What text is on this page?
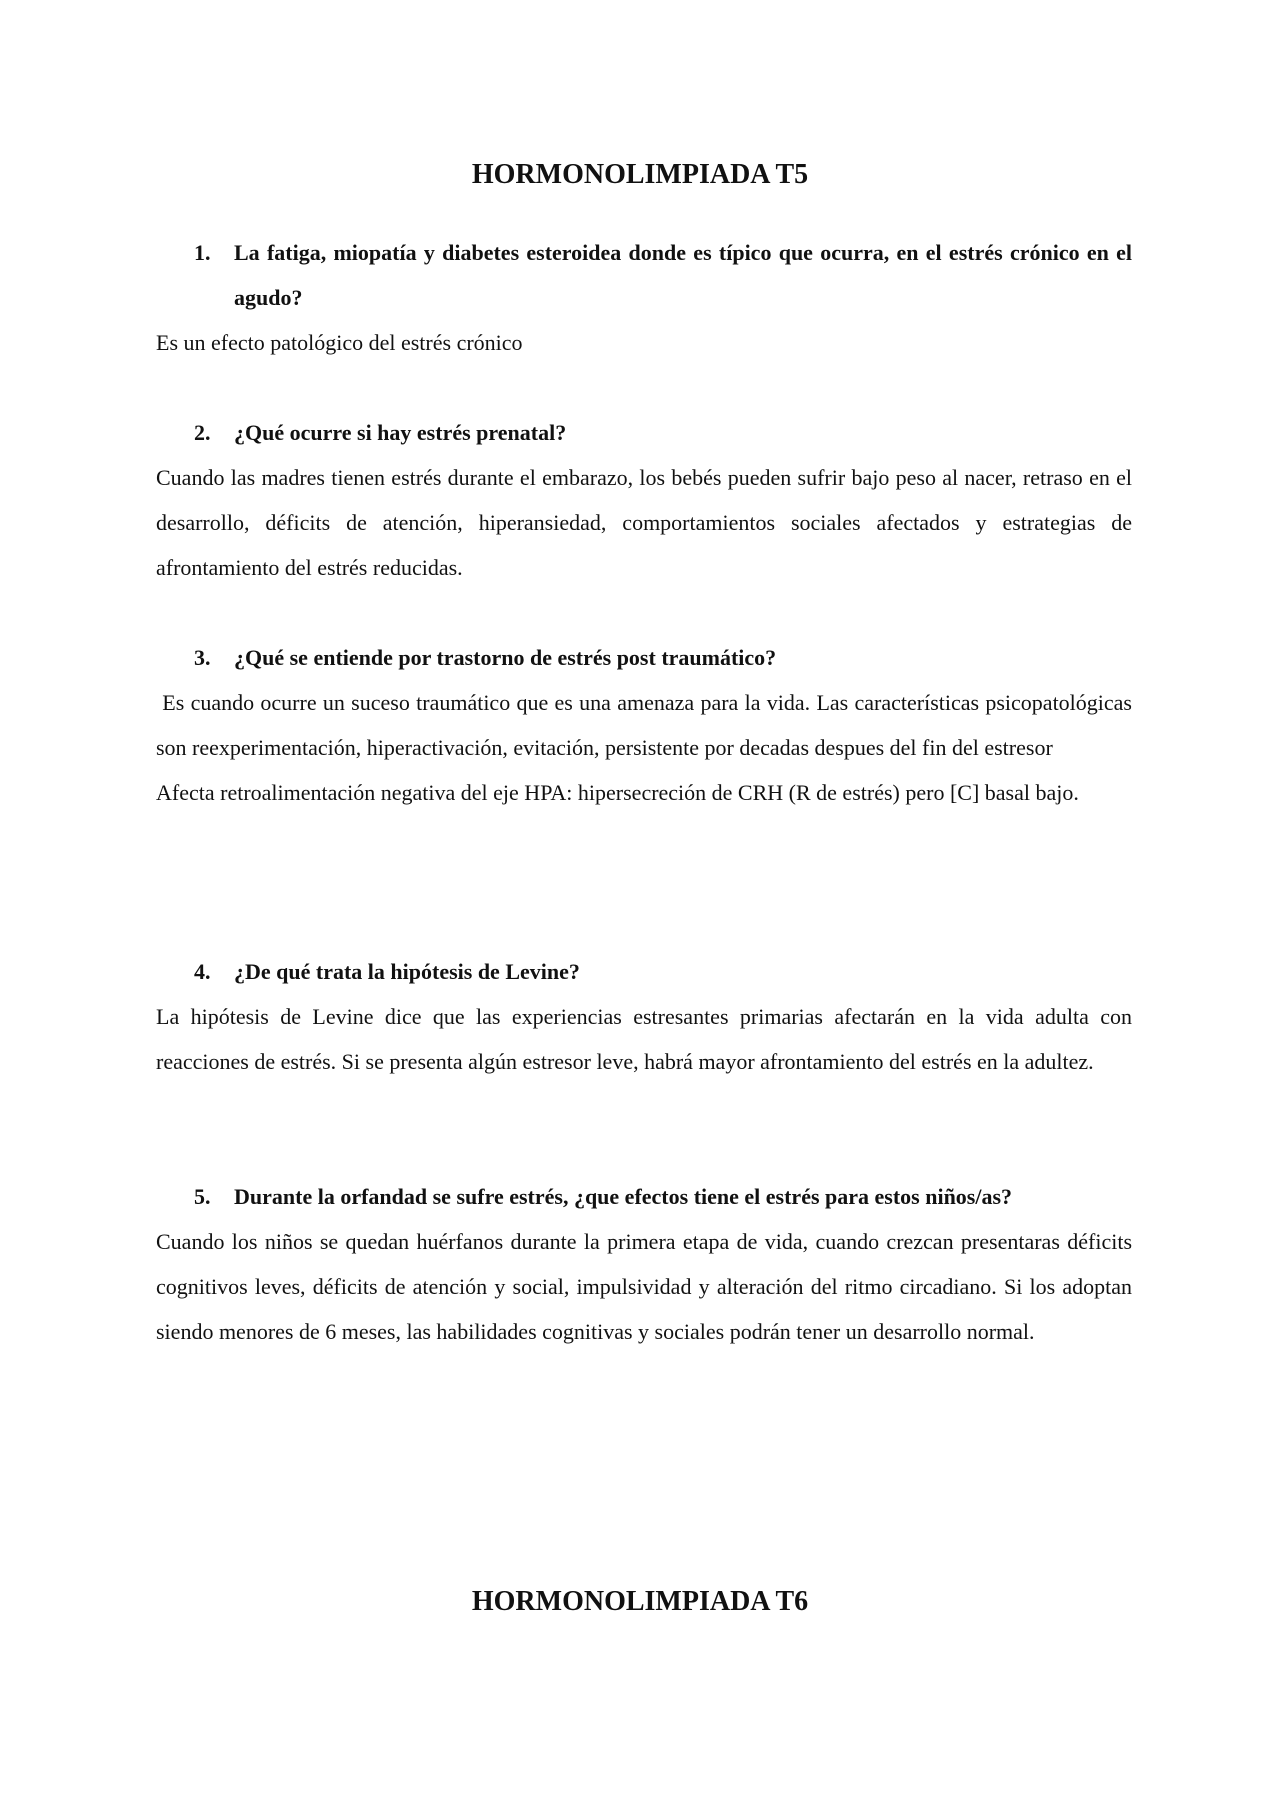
HORMONOLIMPIADA T5

1. La fatiga, miopatía y diabetes esteroidea donde es típico que ocurra, en el estrés crónico en el agudo?

Es un efecto patológico del estrés crónico

2. ¿Qué ocurre si hay estrés prenatal?

Cuando las madres tienen estrés durante el embarazo, los bebés pueden sufrir bajo peso al nacer, retraso en el desarrollo, déficits de atención, hiperansiedad, comportamientos sociales afectados y estrategias de afrontamiento del estrés reducidas.

3. ¿Qué se entiende por trastorno de estrés post traumático?

Es cuando ocurre un suceso traumático que es una amenaza para la vida. Las características psicopatológicas son reexperimentación, hiperactivación, evitación, persistente por decadas despues del fin del estresor

Afecta retroalimentación negativa del eje HPA: hipersecreción de CRH (R de estrés) pero [C] basal bajo.

4. ¿De qué trata la hipótesis de Levine?

La hipótesis de Levine dice que las experiencias estresantes primarias afectarán en la vida adulta con reacciones de estrés. Si se presenta algún estresor leve, habrá mayor afrontamiento del estrés en la adultez.

5. Durante la orfandad se sufre estrés, ¿que efectos tiene el estrés para estos niños/as?

Cuando los niños se quedan huérfanos durante la primera etapa de vida, cuando crezcan presentaras déficits cognitivos leves, déficits de atención y social, impulsividad y alteración del ritmo circadiano. Si los adoptan siendo menores de 6 meses, las habilidades cognitivas y sociales podrán tener un desarrollo normal.

HORMONOLIMPIADA T6
